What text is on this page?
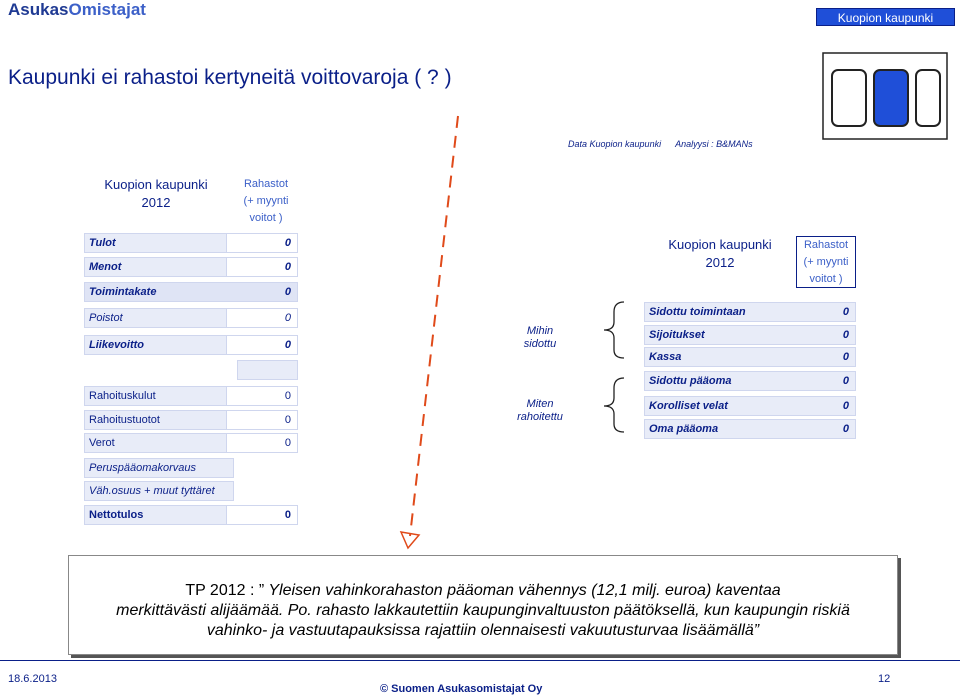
AsukasOmistajat	Kuopion kaupunki
Kaupunki ei rahastoi kertyneitä voittovaroja ( ? )
Data Kuopion kaupunki Analyysi : B&MANs
Kuopion kaupunki
2012
Rahastot
(+ myynti
voitot )
Tulot	0
Menot	0
Toimintakate	0
Poistot	0
Liikevoitto	0
Rahoituskulut	0
Rahoitustuotot	0
Verot	0
Peruspääomakorvaus
Väh.osuus + muut tyttäret
Nettotulos	0
Mihin
sidottu
Miten
rahoitettu
Kuopion kaupunki
2012
Rahastot
(+ myynti
voitot )
Sidottu toimintaan	0
Sijoitukset	0
Kassa	0
Sidottu pääoma	0
Korolliset velat	0
Oma pääoma	0

TP 2012 : ” Yleisen vahinkorahaston pääoman vähennys (12,1 milj. euroa) kaventaa

merkittävästi alijäämää. Po. rahasto lakkautettiin kaupunginvaltuuston päätöksellä, kun kaupungin riskiä

vahinko- ja vastuutapauksissa rajattiin olennaisesti vakuutusturvaa lisäämällä”

18.6.2013
© Suomen Asukasomistajat Oy
12
